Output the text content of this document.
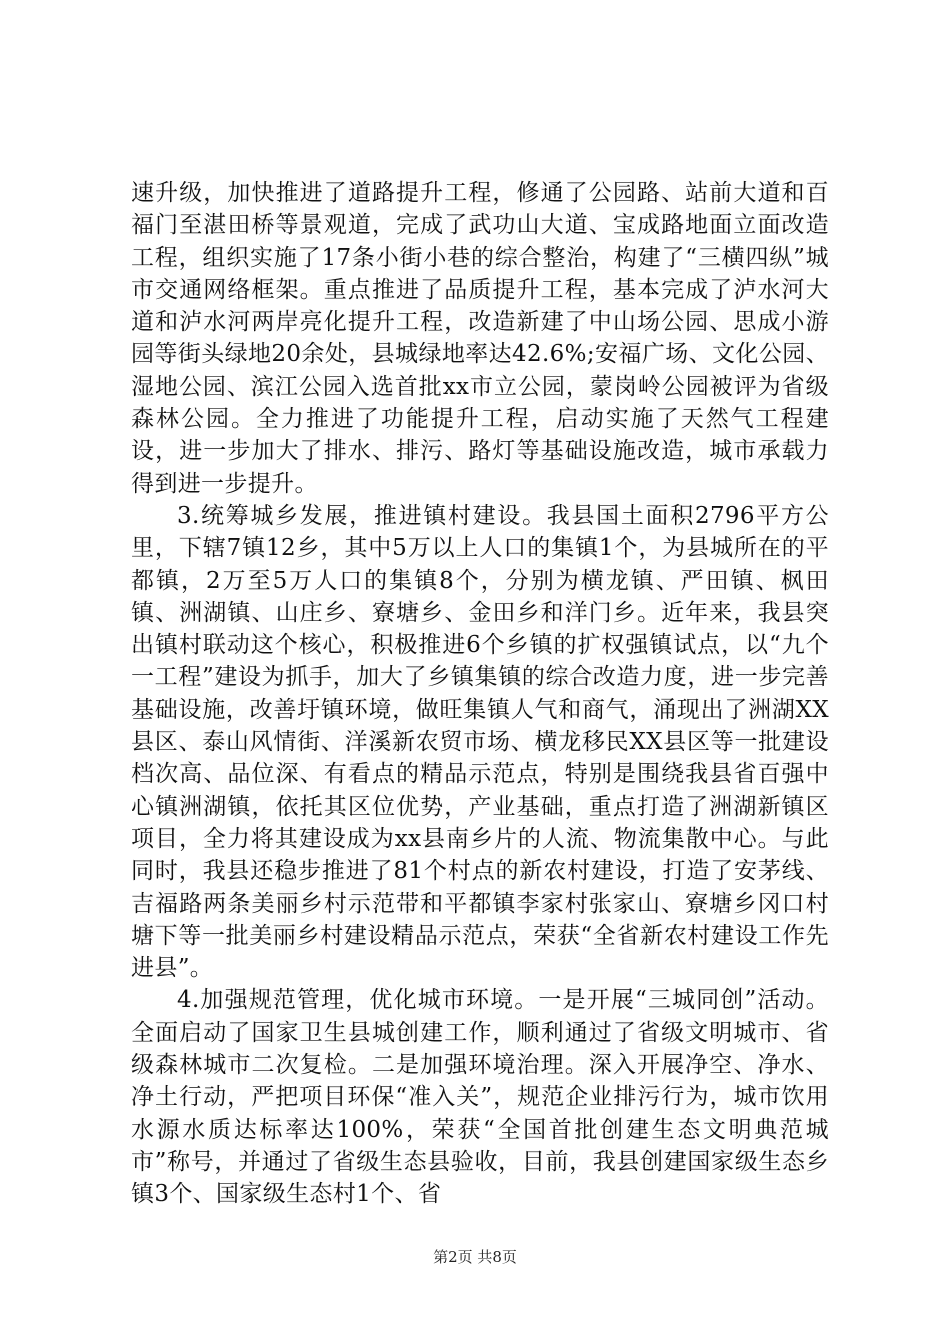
速升级，加快推进了道路提升工程，修通了公园路、站前大道和百福门至湛田桥等景观道，完成了武功山大道、宝成路地面立面改造工程，组织实施了17条小街小巷的综合整治，构建了“三横四纵”城市交通网络框架。重点推进了品质提升工程，基本完成了泸水河大道和泸水河两岸亮化提升工程，改造新建了中山场公园、思成小游园等街头绿地20余处，县城绿地率达42.6%;安福广场、文化公园、湿地公园、滨江公园入选首批xx市立公园，蒙岗岭公园被评为省级森林公园。全力推进了功能提升工程，启动实施了天然气工程建设，进一步加大了排水、排污、路灯等基础设施改造，城市承载力得到进一步提升。

3.统筹城乡发展，推进镇村建设。我县国土面积2796平方公里，下辖7镇12乡，其中5万以上人口的集镇1个，为县城所在的平都镇，2万至5万人口的集镇8个，分别为横龙镇、严田镇、枫田镇、洲湖镇、山庄乡、寮塘乡、金田乡和洋门乡。近年来，我县突出镇村联动这个核心，积极推进6个乡镇的扩权强镇试点，以“九个一工程”建设为抓手，加大了乡镇集镇的综合改造力度，进一步完善基础设施，改善圩镇环境，做旺集镇人气和商气，涌现出了洲湖XX县区、泰山风情街、洋溪新农贸市场、横龙移民XX县区等一批建设档次高、品位深、有看点的精品示范点，特别是围绕我县省百强中心镇洲湖镇，依托其区位优势，产业基础，重点打造了洲湖新镇区项目，全力将其建设成为xx县南乡片的人流、物流集散中心。与此同时，我县还稳步推进了81个村点的新农村建设，打造了安茅线、吉福路两条美丽乡村示范带和平都镇李家村张家山、寮塘乡冈口村塘下等一批美丽乡村建设精品示范点，荣获“全省新农村建设工作先进县”。

4.加强规范管理，优化城市环境。一是开展“三城同创”活动。全面启动了国家卫生县城创建工作，顺利通过了省级文明城市、省级森林城市二次复检。二是加强环境治理。深入开展净空、净水、净土行动，严把项目环保“准入关”，规范企业排污行为，城市饮用水源水质达标率达100%，荣获“全国首批创建生态文明典范城市”称号，并通过了省级生态县验收，目前，我县创建国家级生态乡镇3个、国家级生态村1个、省

第2页 共8页
